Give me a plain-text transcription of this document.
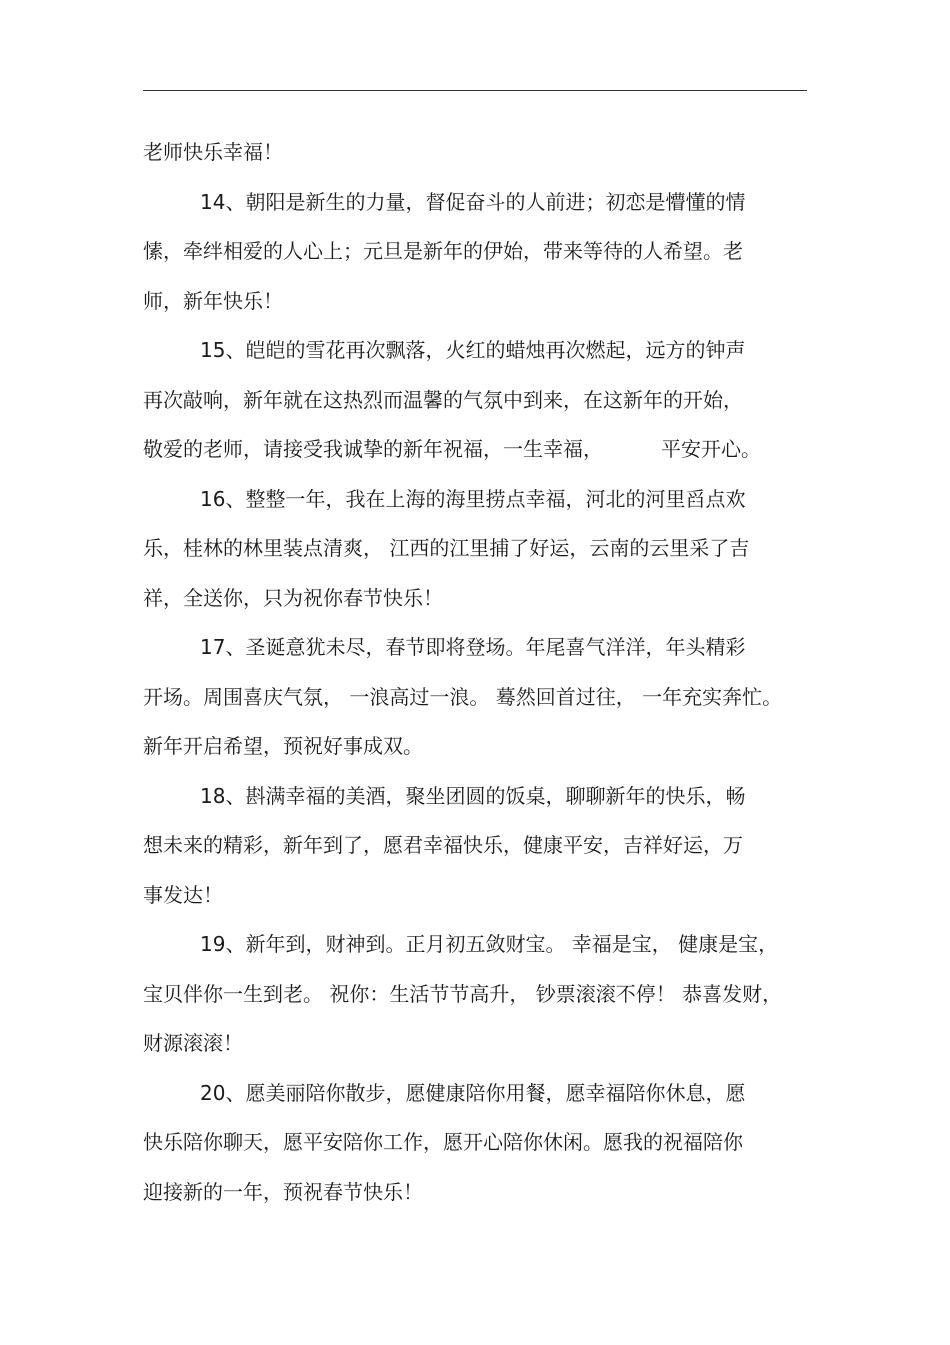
老师快乐幸福！

14、朝阳是新生的力量，督促奋斗的人前进；初恋是懵懂的情
愫，牵绊相爱的人心上；元旦是新年的伊始，带来等待的人希望。老
师，新年快乐！

15、皑皑的雪花再次飘落，火红的蜡烛再次燃起，远方的钟声
再次敲响，新年就在这热烈而温馨的气氛中到来，在这新年的开始，
敬爱的老师，请接受我诚挚的新年祝福，一生幸福，	平安开心。

16、整整一年，我在上海的海里捞点幸福，河北的河里舀点欢
乐，桂林的林里装点清爽， 江西的江里捕了好运，云南的云里采了吉
祥，全送你，只为祝你春节快乐！

17、圣诞意犹未尽，春节即将登场。年尾喜气洋洋，年头精彩
开场。周围喜庆气氛， 一浪高过一浪。 蓦然回首过往， 一年充实奔忙。
新年开启希望，预祝好事成双。

18、斟满幸福的美酒，聚坐团圆的饭桌，聊聊新年的快乐，畅
想未来的精彩，新年到了，愿君幸福快乐，健康平安，吉祥好运，万
事发达！

19、新年到，财神到。正月初五敛财宝。 幸福是宝， 健康是宝，
宝贝伴你一生到老。 祝你：生活节节高升， 钞票滚滚不停！ 恭喜发财，
财源滚滚！

20、愿美丽陪你散步，愿健康陪你用餐，愿幸福陪你休息，愿
快乐陪你聊天，愿平安陪你工作，愿开心陪你休闲。愿我的祝福陪你
迎接新的一年，预祝春节快乐！
